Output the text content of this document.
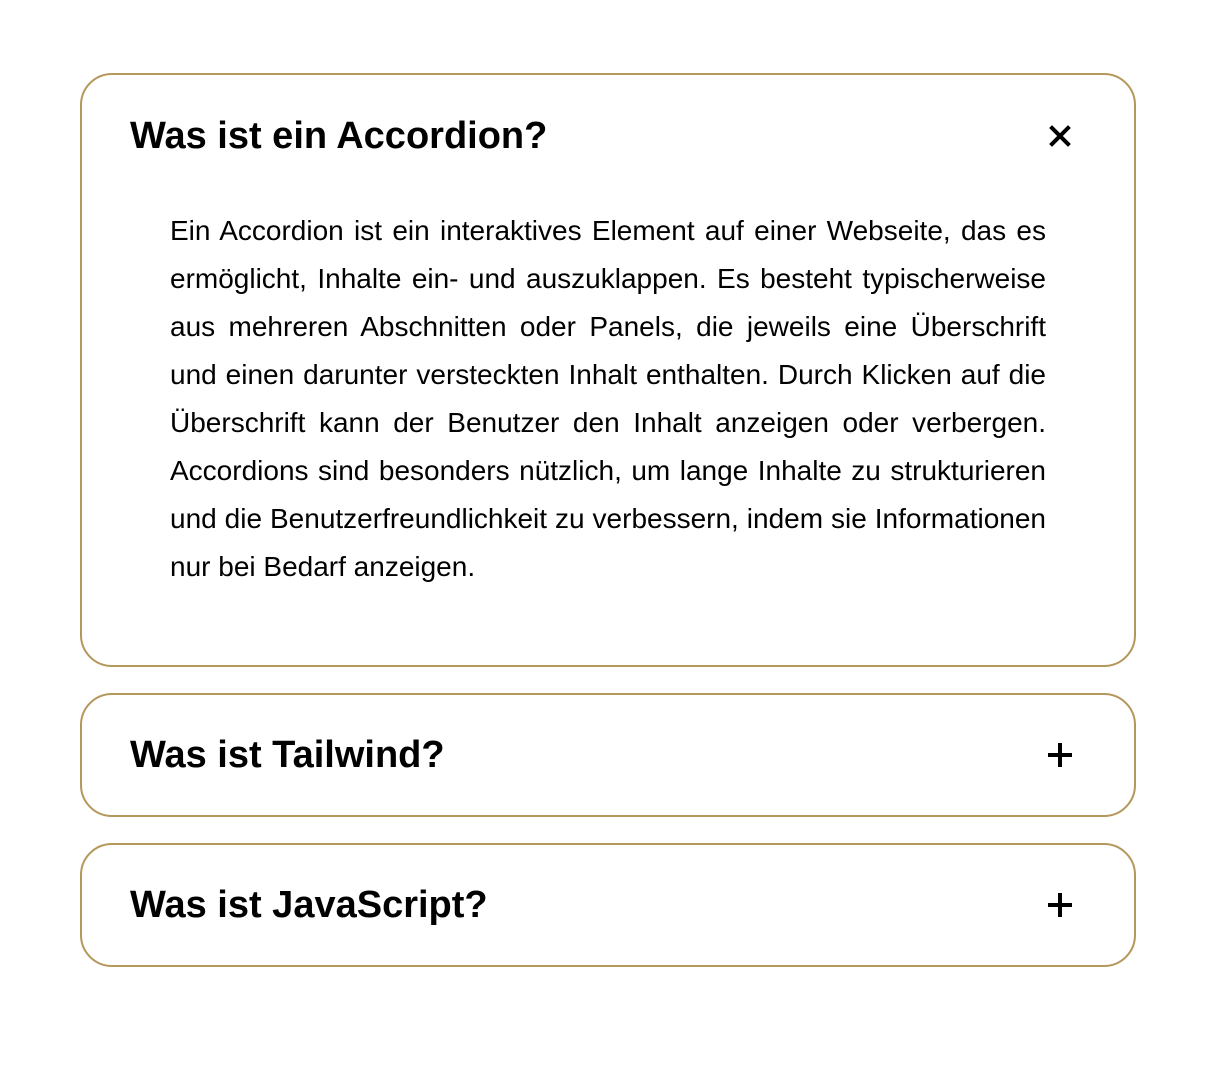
Was ist ein Accordion?

Ein Accordion ist ein interaktives Element auf einer Webseite, das es ermöglicht, Inhalte ein- und auszuklappen. Es besteht typischerweise aus mehreren Abschnitten oder Panels, die jeweils eine Überschrift und einen darunter versteckten Inhalt enthalten. Durch Klicken auf die Überschrift kann der Benutzer den Inhalt anzeigen oder verbergen. Accordions sind besonders nützlich, um lange Inhalte zu strukturieren und die Benutzerfreundlichkeit zu verbessern, indem sie Informationen nur bei Bedarf anzeigen.

Was ist Tailwind?
Was ist JavaScript?
